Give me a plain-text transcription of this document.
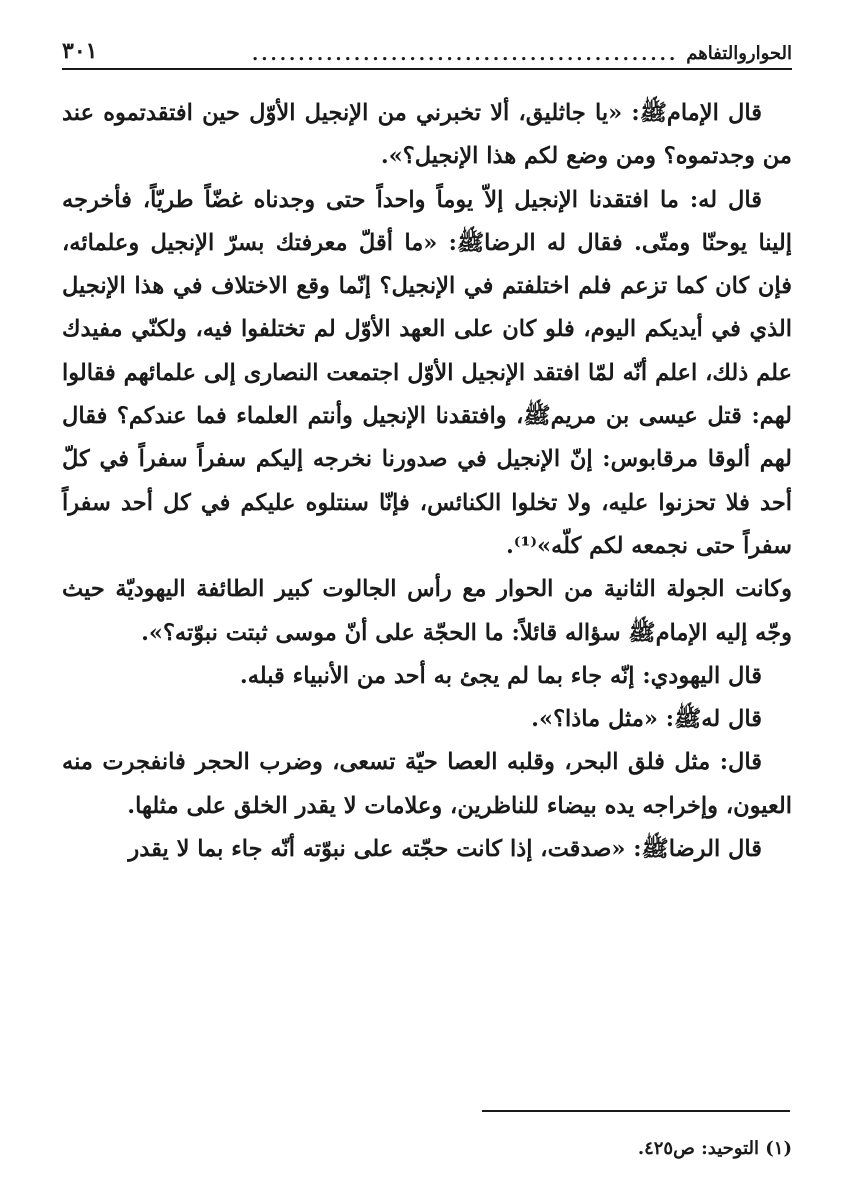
الحواروالتفاهم
..............................................
٣٠١

قال الإمامﷺ: «يا جاثليق، ألا تخبرني من الإنجيل الأوّل حين افتقدتموه عند من وجدتموه؟ ومن وضع لكم هذا الإنجيل؟».

قال له: ما افتقدنا الإنجيل إلاّ يوماً واحداً حتى وجدناه غضّاً طريّاً، فأخرجه إلينا يوحنّا ومتّى. فقال له الرضاﷺ: «ما أقلّ معرفتك بسرّ الإنجيل وعلمائه، فإن كان كما تزعم فلم اختلفتم في الإنجيل؟ إنّما وقع الاختلاف في هذا الإنجيل الذي في أيديكم اليوم، فلو كان على العهد الأوّل لم تختلفوا فيه، ولكنّي مفيدك علم ذلك، اعلم أنّه لمّا افتقد الإنجيل الأوّل اجتمعت النصارى إلى علمائهم فقالوا لهم: قتل عيسى بن مريمﷺ، وافتقدنا الإنجيل وأنتم العلماء فما عندكم؟ فقال لهم ألوقا مرقابوس: إنّ الإنجيل في صدورنا نخرجه إليكم سفراً سفراً في كلّ أحد فلا تحزنوا عليه، ولا تخلوا الكنائس، فإنّا سنتلوه عليكم في كل أحد سفراً سفراً حتى نجمعه لكم كلّه»⁽¹⁾.

وكانت الجولة الثانية من الحوار مع رأس الجالوت كبير الطائفة اليهوديّة حيث وجّه إليه الإمامﷺ سؤاله قائلاً: ما الحجّة على أنّ موسى ثبتت نبوّته؟».

قال اليهودي: إنّه جاء بما لم يجئ به أحد من الأنبياء قبله.

قال لهﷺ: «مثل ماذا؟».

قال: مثل فلق البحر، وقلبه العصا حيّة تسعى، وضرب الحجر فانفجرت منه العيون، وإخراجه يده بيضاء للناظرين، وعلامات لا يقدر الخلق على مثلها.

قال الرضاﷺ: «صدقت، إذا كانت حجّته على نبوّته أنّه جاء بما لا يقدر

(١) التوحيد: ص٤٢٥.
